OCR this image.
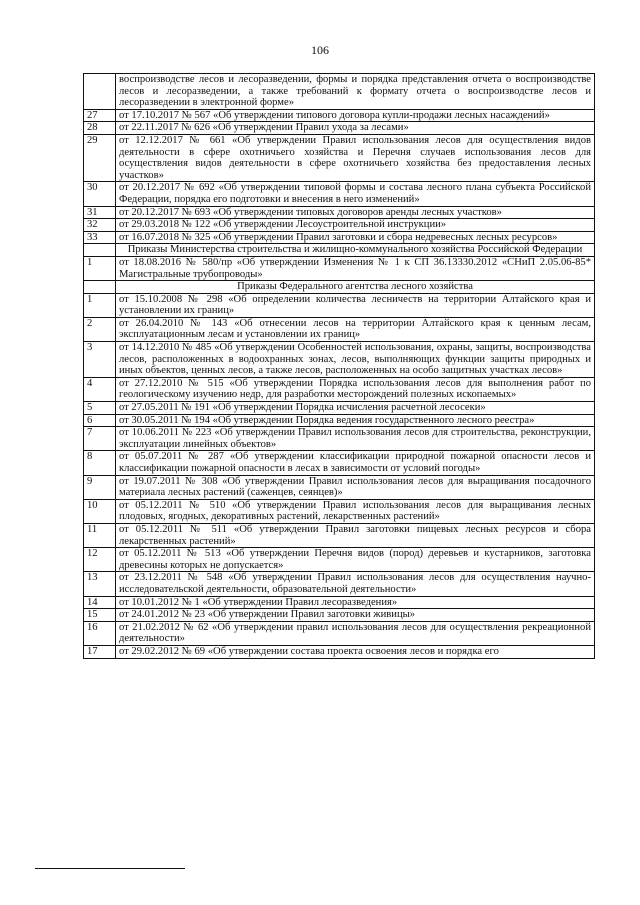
106
	воспроизводстве лесов и лесоразведении, формы и порядка представления отчета о воспроизводстве лесов и лесоразведении, а также требований к формату отчета о воспроизводстве лесов и лесоразведении в электронной форме»
27	от 17.10.2017 № 567 «Об утверждении типового договора купли-продажи лесных насаждений»
28	от 22.11.2017 № 626 «Об утверждении Правил ухода за лесами»
29	от 12.12.2017 № 661 «Об утверждении Правил использования лесов для осуществления видов деятельности в сфере охотничьего хозяйства и Перечня случаев использования лесов для осуществления видов деятельности в сфере охотничьего хозяйства без предоставления лесных участков»
30	от 20.12.2017 № 692 «Об утверждении типовой формы и состава лесного плана субъекта Российской Федерации, порядка его подготовки и внесения в него изменений»
31	от 20.12.2017 № 693 «Об утверждении типовых договоров аренды лесных участков»
32	от 29.03.2018 № 122 «Об утверждении Лесоустроительной инструкции»
33	от 16.07.2018 № 325 «Об утверждении Правил заготовки и сбора недревесных лесных ресурсов»
	Приказы Министерства строительства и жилищно-коммунального хозяйства Российской Федерации
1	от 18.08.2016 № 580/пр «Об утверждении Изменения № 1 к СП 36.13330.2012 «СНиП 2.05.06-85* Магистральные трубопроводы»
	Приказы Федерального агентства лесного хозяйства
1	от 15.10.2008 № 298 «Об определении количества лесничеств на территории Алтайского края и установлении их границ»
2	от 26.04.2010 № 143 «Об отнесении лесов на территории Алтайского края к ценным лесам, эксплуатационным лесам и установлении их границ»
3	от 14.12.2010 № 485 «Об утверждении Особенностей использования, охраны, защиты, воспроизводства лесов, расположенных в водоохранных зонах, лесов, выполняющих функции защиты природных и иных объектов, ценных лесов, а также лесов, расположенных на особо защитных участках лесов»
4	от 27.12.2010 № 515 «Об утверждении Порядка использования лесов для выполнения работ по геологическому изучению недр, для разработки месторождений полезных ископаемых»
5	от 27.05.2011 № 191 «Об утверждении Порядка исчисления расчетной лесосеки»
6	от 30.05.2011 № 194 «Об утверждении Порядка ведения государственного лесного реестра»
7	от 10.06.2011 № 223 «Об утверждении Правил использования лесов для строительства, реконструкции, эксплуатации линейных объектов»
8	от 05.07.2011 № 287 «Об утверждении классификации природной пожарной опасности лесов и классификации пожарной опасности в лесах в зависимости от условий погоды»
9	от 19.07.2011 № 308 «Об утверждении Правил использования лесов для выращивания посадочного материала лесных растений (саженцев, сеянцев)»
10	от 05.12.2011 № 510 «Об утверждении Правил использования лесов для выращивания лесных плодовых, ягодных, декоративных растений, лекарственных растений»
11	от 05.12.2011 № 511 «Об утверждении Правил заготовки пищевых лесных ресурсов и сбора лекарственных растений»
12	от 05.12.2011 № 513 «Об утверждении Перечня видов (пород) деревьев и кустарников, заготовка древесины которых не допускается»
13	от 23.12.2011 № 548 «Об утверждении Правил использования лесов для осуществления научно-исследовательской деятельности, образовательной деятельности»
14	от 10.01.2012 № 1 «Об утверждении Правил лесоразведения»
15	от 24.01.2012 № 23 «Об утверждении Правил заготовки живицы»
16	от 21.02.2012 № 62 «Об утверждении правил использования лесов для осуществления рекреационной деятельности»
17	от 29.02.2012 № 69 «Об утверждении состава проекта освоения лесов и порядка его
